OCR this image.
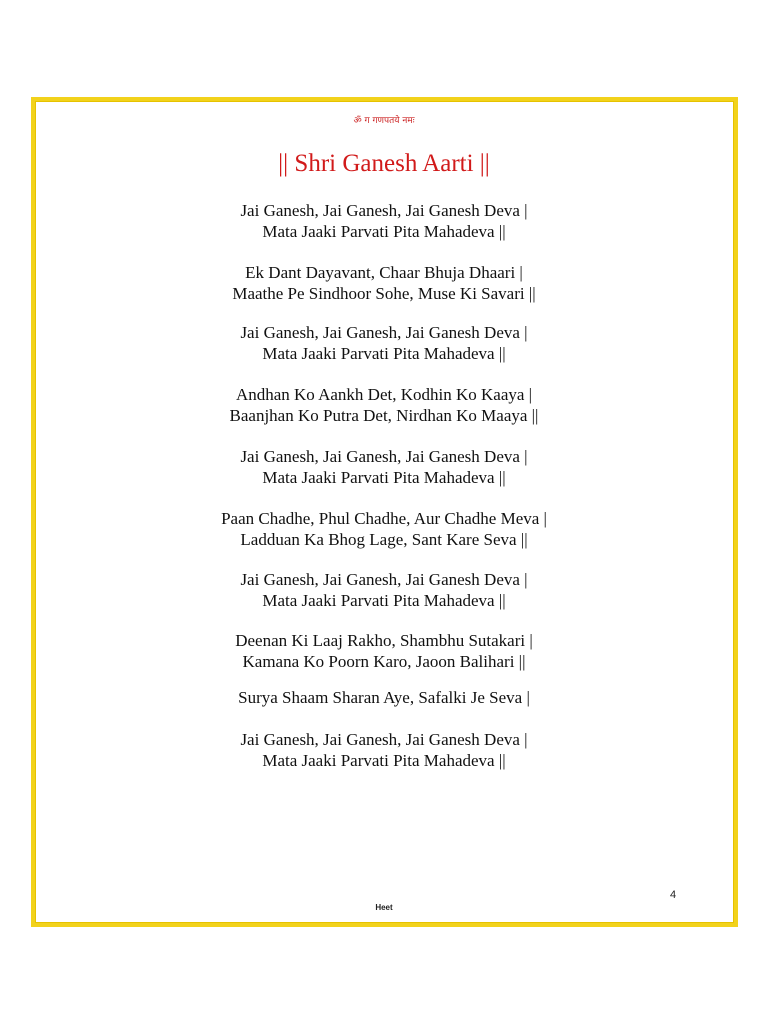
ॐ ग गणपतये नमः
|| Shri Ganesh Aarti ||
Jai Ganesh, Jai Ganesh, Jai Ganesh Deva |
Mata Jaaki Parvati Pita Mahadeva ||
Ek Dant Dayavant, Chaar Bhuja Dhaari |
Maathe Pe Sindhoor Sohe, Muse Ki Savari ||
Jai Ganesh, Jai Ganesh, Jai Ganesh Deva |
Mata Jaaki Parvati Pita Mahadeva ||
Andhan Ko Aankh Det, Kodhin Ko Kaaya |
Baanjhan Ko Putra Det, Nirdhan Ko Maaya ||
Jai Ganesh, Jai Ganesh, Jai Ganesh Deva |
Mata Jaaki Parvati Pita Mahadeva ||
Paan Chadhe, Phul Chadhe, Aur Chadhe Meva |
Ladduan Ka Bhog Lage, Sant Kare Seva ||
Jai Ganesh, Jai Ganesh, Jai Ganesh Deva |
Mata Jaaki Parvati Pita Mahadeva ||
Deenan Ki Laaj Rakho, Shambhu Sutakari |
Kamana Ko Poorn Karo, Jaoon Balihari ||
Surya Shaam Sharan Aye, Safalki Je Seva |
Jai Ganesh, Jai Ganesh, Jai Ganesh Deva |
Mata Jaaki Parvati Pita Mahadeva ||
4
Heet
